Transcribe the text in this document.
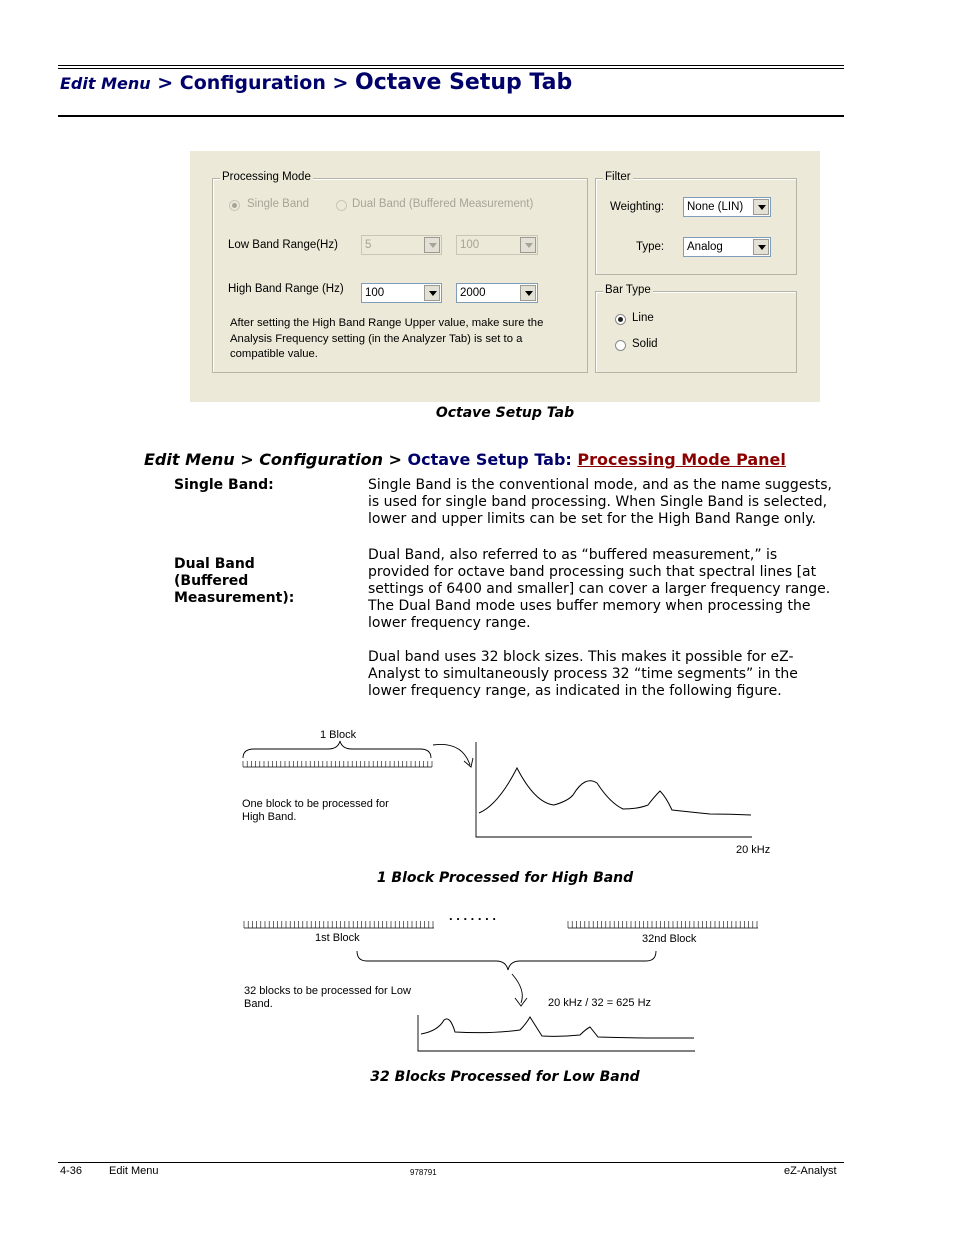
Edit Menu > Configuration > Octave Setup Tab
Processing Mode
Single Band	Dual Band (Buffered Measurement)
Low Band Range(Hz) 5	100
High Band Range (Hz) 100	2000
After setting the High Band Range Upper value, make sure the Analysis Frequency setting (in the Analyzer Tab) is set to a compatible value.
Filter
Weighting: None (LIN)
Type: Analog
Bar Type
Line
Solid
Octave Setup Tab
Edit Menu > Configuration > Octave Setup Tab: Processing Mode Panel
Single Band:	Single Band is the conventional mode, and as the name suggests, is used for single band processing. When Single Band is selected, lower and upper limits can be set for the High Band Range only.
Dual Band (Buffered Measurement):
Dual Band, also referred to as “buffered measurement,” is provided for octave band processing such that spectral lines [at settings of 6400 and smaller] can cover a larger frequency range. The Dual Band mode uses buffer memory when processing the lower frequency range.
Dual band uses 32 block sizes. This makes it possible for eZ-Analyst to simultaneously process 32 “time segments” in the lower frequency range, as indicated in the following figure.
1 Block
One block to be processed for High Band.
20 kHz
1 Block Processed for High Band
. . . . . . .
1st Block	32nd Block
32 blocks to be processed for Low Band.	20 kHz / 32 = 625 Hz
32 Blocks Processed for Low Band
4-36 Edit Menu	978791	eZ-Analyst
